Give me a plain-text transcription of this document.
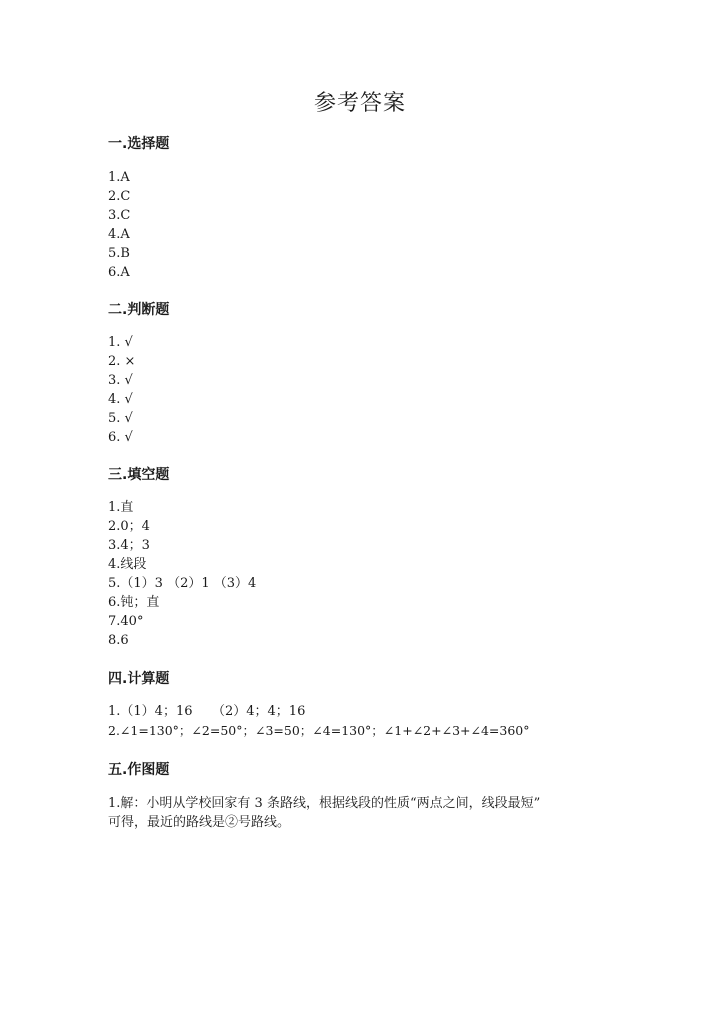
参考答案
一.选择题
1.A
2.C
3.C
4.A
5.B
6.A
二.判断题
1. √
2. ×
3. √
4. √
5. √
6. √
三.填空题
1.直
2.0；4
3.4；3
4.线段
5.（1）3 （2）1 （3）4
6.钝；直
7.40°
8.6
四.计算题
1.（1）4；16　　（2）4；4；16
2.∠1=130°；∠2=50°；∠3=50；∠4=130°；∠1+∠2+∠3+∠4=360°
五.作图题
1.解：小明从学校回家有 3 条路线，根据线段的性质“两点之间，线段最短”
可得，最近的路线是②号路线。
